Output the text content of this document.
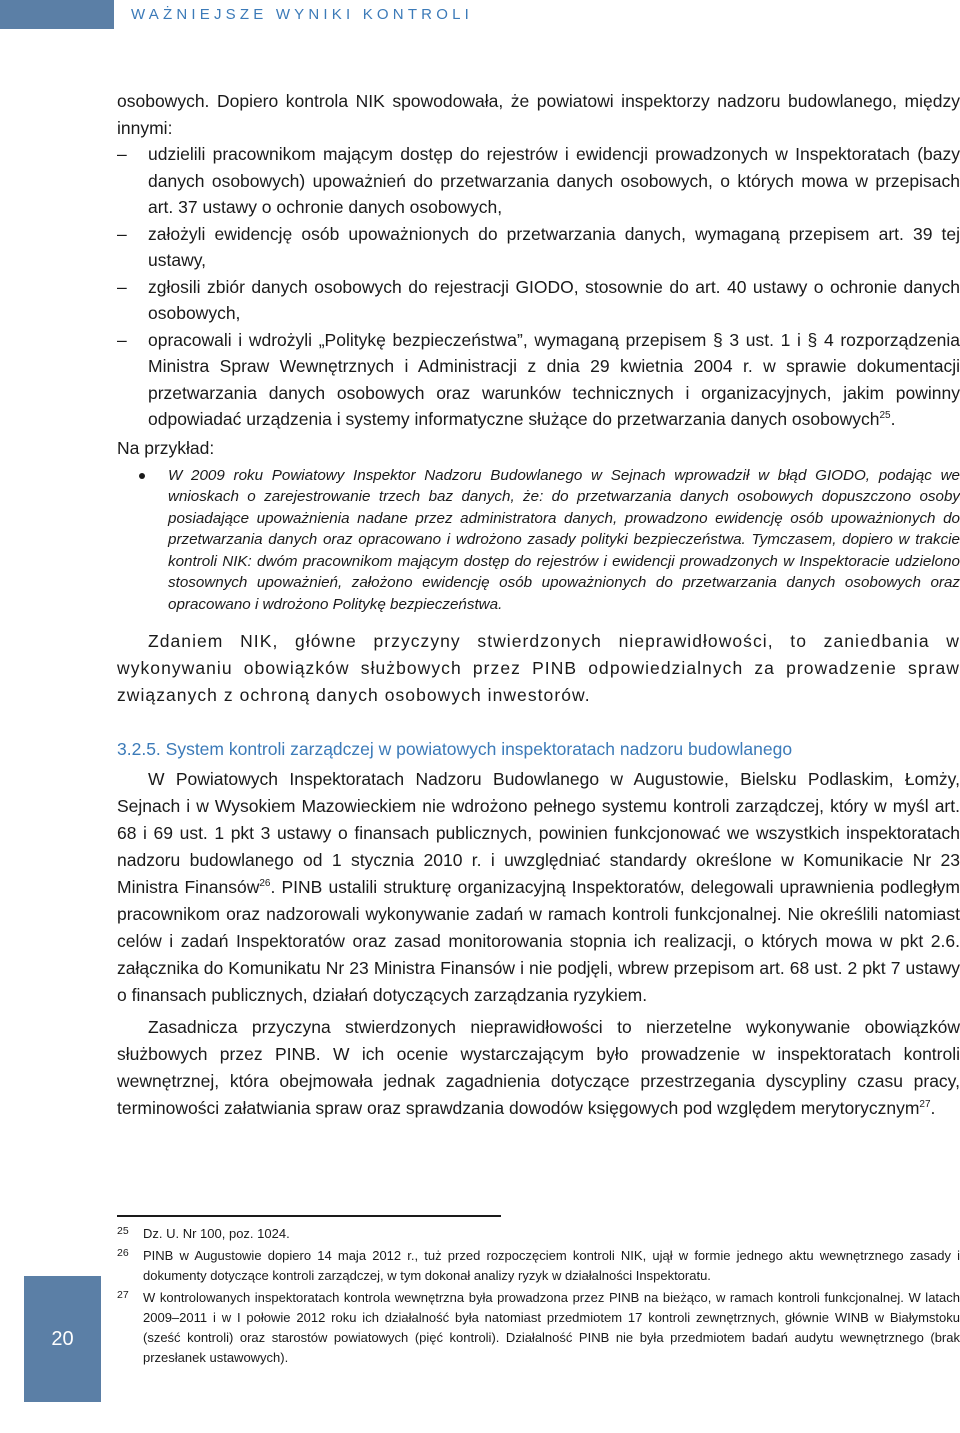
WAŻNIEJSZE WYNIKI KONTROLI
osobowych. Dopiero kontrola NIK spowodowała, że powiatowi inspektorzy nadzoru budowlanego, między innymi:
– udzielili pracownikom mającym dostęp do rejestrów i ewidencji prowadzonych w Inspektoratach (bazy danych osobowych) upoważnień do przetwarzania danych osobowych, o których mowa w przepisach art. 37 ustawy o ochronie danych osobowych,
– założyli ewidencję osób upoważnionych do przetwarzania danych, wymaganą przepisem art. 39 tej ustawy,
– zgłosili zbiór danych osobowych do rejestracji GIODO, stosownie do art. 40 ustawy o ochronie danych osobowych,
– opracowali i wdrożyli „Politykę bezpieczeństwa”, wymaganą przepisem § 3 ust. 1 i § 4 rozporządzenia Ministra Spraw Wewnętrznych i Administracji z dnia 29 kwietnia 2004 r. w sprawie dokumentacji przetwarzania danych osobowych oraz warunków technicznych i organizacyjnych, jakim powinny odpowiadać urządzenia i systemy informatyczne służące do przetwarzania danych osobowych$^{25}$.
Na przykład:
W 2009 roku Powiatowy Inspektor Nadzoru Budowlanego w Sejnach wprowadził w błąd GIODO, podając we wnioskach o zarejestrowanie trzech baz danych, że: do przetwarzania danych osobowych dopuszczono osoby posiadające upoważnienia nadane przez administratora danych, prowadzono ewidencję osób upoważnionych do przetwarzania danych oraz opracowano i wdrożono zasady polityki bezpieczeństwa. Tymczasem, dopiero w trakcie kontroli NIK: dwóm pracownikom mającym dostęp do rejestrów i ewidencji prowadzonych w Inspektoracie udzielono stosownych upoważnień, założono ewidencję osób upoważnionych do przetwarzania danych osobowych oraz opracowano i wdrożono Politykę bezpieczeństwa.
Zdaniem NIK, główne przyczyny stwierdzonych nieprawidłowości, to zaniedbania w wykonywaniu obowiązków służbowych przez PINB odpowiedzialnych za prowadzenie spraw związanych z ochroną danych osobowych inwestorów.
3.2.5. System kontroli zarządczej w powiatowych inspektoratach nadzoru budowlanego
W Powiatowych Inspektoratach Nadzoru Budowlanego w Augustowie, Bielsku Podlaskim, Łomży, Sejnach i w Wysokiem Mazowieckiem nie wdrożono pełnego systemu kontroli zarządczej, który w myśl art. 68 i 69 ust. 1 pkt 3 ustawy o finansach publicznych, powinien funkcjonować we wszystkich inspektoratach nadzoru budowlanego od 1 stycznia 2010 r. i uwzględniać standardy określone w Komunikacie Nr 23 Ministra Finansów$^{26}$. PINB ustalili strukturę organizacyjną Inspektoratów, delegowali uprawnienia podległym pracownikom oraz nadzorowali wykonywanie zadań w ramach kontroli funkcjonalnej. Nie określili natomiast celów i zadań Inspektoratów oraz zasad monitorowania stopnia ich realizacji, o których mowa w pkt 2.6. załącznika do Komunikatu Nr 23 Ministra Finansów i nie podjęli, wbrew przepisom art. 68 ust. 2 pkt 7 ustawy o finansach publicznych, działań dotyczących zarządzania ryzykiem.
Zasadnicza przyczyna stwierdzonych nieprawidłowości to nierzetelne wykonywanie obowiązków służbowych przez PINB. W ich ocenie wystarczającym było prowadzenie w inspektoratach kontroli wewnętrznej, która obejmowała jednak zagadnienia dotyczące przestrzegania dyscypliny czasu pracy, terminowości załatwiania spraw oraz sprawdzania dowodów księgowych pod względem merytorycznym$^{27}$.
25 Dz. U. Nr 100, poz. 1024.
26 PINB w Augustowie dopiero 14 maja 2012 r., tuż przed rozpoczęciem kontroli NIK, ujął w formie jednego aktu wewnętrznego zasady i dokumenty dotyczące kontroli zarządczej, w tym dokonał analizy ryzyk w działalności Inspektoratu.
27 W kontrolowanych inspektoratach kontrola wewnętrzna była prowadzona przez PINB na bieżąco, w ramach kontroli funkcjonalnej. W latach 2009–2011 i w I połowie 2012 roku ich działalność była natomiast przedmiotem 17 kontroli zewnętrznych, głównie WINB w Białymstoku (sześć kontroli) oraz starostów powiatowych (pięć kontroli). Działalność PINB nie była przedmiotem badań audytu wewnętrznego (brak przesłanek ustawowych).
20
